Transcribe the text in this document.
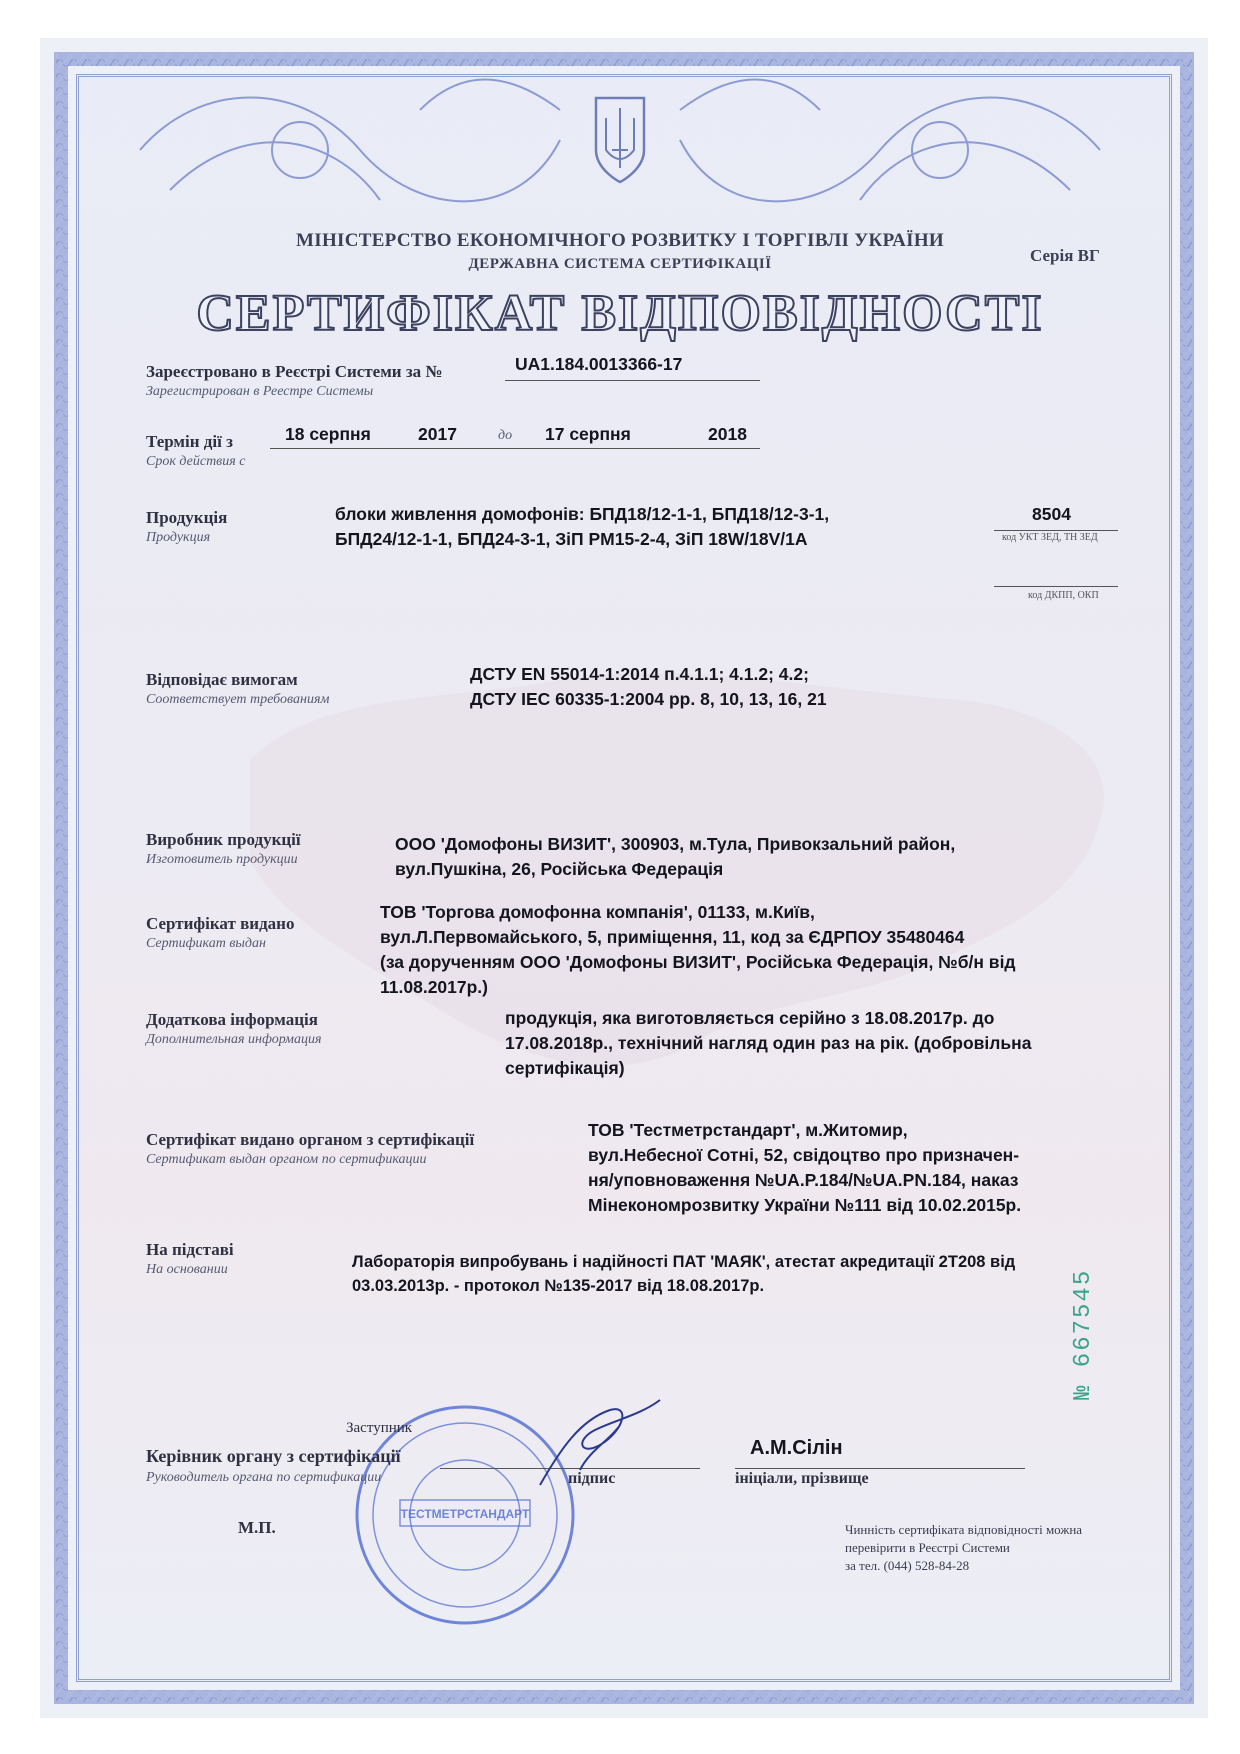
МІНІСТЕРСТВО ЕКОНОМІЧНОГО РОЗВИТКУ І ТОРГІВЛІ УКРАЇНИ
ДЕРЖАВНА СИСТЕМА СЕРТИФІКАЦІЇ	Серія ВГ
СЕРТИФІКАТ ВІДПОВІДНОСТІ
Зареєстровано в Реєстрі Системи за №
Зарегистрирован в Реестре Системы
UA1.184.0013366-17
Термін дії з
Срок действия с
18 серпня	2017	до 17 серпня	2018
Продукція
Продукция
блоки живлення домофонів: БПД18/12-1-1, БПД18/12-3-1,
БПД24/12-1-1, БПД24-3-1, ЗіП PM15-2-4, ЗіП 18W/18V/1A
8504
код УКТ ЗЕД, ТН ЗЕД
код ДКПП, ОКП
Відповідає вимогам
Соответствует требованиям
ДСТУ EN 55014-1:2014 п.4.1.1; 4.1.2; 4.2;
ДСТУ IEC 60335-1:2004 рр. 8, 10, 13, 16, 21
Виробник продукції
Изготовитель продукции
ООО 'Домофоны ВИЗИТ', 300903, м.Тула, Привокзальний район,
вул.Пушкіна, 26, Російська Федерація
Сертифікат видано
Сертификат выдан
ТОВ 'Торгова домофонна компанія', 01133, м.Київ,
вул.Л.Первомайського, 5, приміщення, 11, код за ЄДРПОУ 35480464
(за дорученням ООО 'Домофоны ВИЗИТ', Російська Федерація, №б/н від
11.08.2017р.)
Додаткова інформація
Дополнительная информация
продукція, яка виготовляється серійно з 18.08.2017р. до
17.08.2018р., технічний нагляд один раз на рік. (добровільна
сертифікація)
Сертифікат видано органом з сертифікації
Сертификат выдан органом по сертификации
ТОВ 'Тестметрстандарт', м.Житомир,
вул.Небесної Сотні, 52, свідоцтво про призначен-
ня/уповноваження №UA.P.184/№UA.PN.184, наказ
Мінекономрозвитку України №111 від 10.02.2015р.
На підставі
На основании	Лабораторія випробувань і надійності ПАТ 'МАЯК', атестат акредитації 2Т208 від
03.03.2013р. - протокол №135-2017 від 18.08.2017р.	№ 667545
ТЕСТМЕТРСТАНДАРТ
Заступник
Керівник органу з сертифікації
Руководитель органа по сертификации	підпис
А.М.Сілін
ініціали, прізвище
М.П.	Чинність сертифіката відповідності можна
перевірити в Реєстрі Системи
за тел. (044) 528-84-28
